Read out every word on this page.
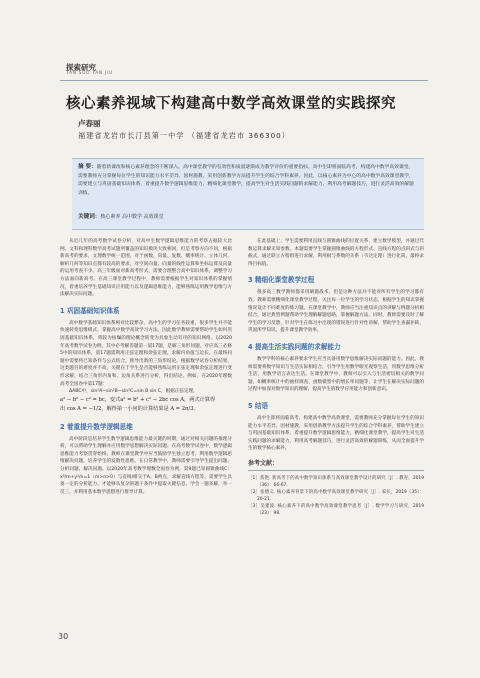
探索研究
TAN SUO YAN JIU
核心素养视域下构建高中数学高效课堂的实践探究
卢春丽
福建省龙岩市长汀县第一中学 （福建省龙岩市 366300）
摘 要：随着新课改和核心素养理念的不断深入，高中课堂教学的有效性和质量逐渐成为教学评价的重要指标。高中生即将面临高考，构建高中数学高效课堂，需要教师充分掌握每位学生的知识能力水平差异、因材施教、采用创新教学方法提升学生的综合学科素养。因此，以核心素养为中心的高中数学高效课堂教学，需要建立与巩固基础知识体系，着重提升数学逻辑思维能力，精细化课堂教学，提高学生对生活实践问题的求解能力，利用高考解题技巧，进行灵活高效的解题训练。
关键词：核心素养 高中数学 高效课堂

从近几年的高考数学试卷分析，对高中生数学逻辑思维能力的考察占据较大比例。文科和理科数学高考试题所覆盖的知识模块大致相同，但是考察方向不同，根据新高考的要求，文理数学统一范围，对于函数、向量、复数、概率统计、立体几何、解析几何等知识点都有较高的要求，对空间向量、向量的线性运算和坐标运算及向量的运用考查不少。高三年级面对新高考形式，需要合理整合高中知识体系，调整学习方法面向新高考。在高三课堂教学过程中，教师需要根据学生对知识体系的掌握情况，着重培养学生基础知识应用能力以及逻辑思维能力，能够熟练运用数学思维与方法解决实际问题。

1 巩固基础知识体系

高中数学基础知识体系相对比较繁杂，高中生的学习任务较重，很多学生并不能快速转变思维模式，掌握高中数学高效学习方法，因此数学教师需要帮助学生如何巩固基础知识体系，将较为枯燥的理论概念转变为具象生动有序的知识网络。以2020年高考数学试卷为例，其中必考解答题第一道17题，是解三角形问题，对应高三必修5中的知识体系，第17题需利用正弦定理和余弦定理，求解内角值与边长。在最终问题中需要将已知条件与公式结合，推导出新的三角形结论。根据数学试卷分析结果，这类题目的难度并不高，关键在于学生是否能够熟练运用正弦定理和余弦定理进行变形求解，结合三角形内角和、边角关系进行分析，得出结论。例如，在2020年理数高考全国卷中第17题：

ΔABC中，sin²A−sin²B−sin²C=sin B sin C，根据正弦定理，

a² − b² − c² = bc，变式a² = b² + c² − 2bc cos A，两式计算得
出 cos A = −1/2，解得第一小问的计算结果是 A = 2π/3。
2 着重提升数学逻辑思维

高中阶段是培养学生数学逻辑思维能力最关键的时期，通过对相关问题的推理分析，可以帮助学生理解并应用数学思想解决实际问题。在高考数学试卷中，数学逻辑思维能力考察贯穿始终。教师在课堂教学中应当鼓励学生独立思考，利用数学逻辑思维解决问题，培养学生的发散性思维。在日常教学中，教师需要引导学生提出问题、分析问题、解决问题。以2020年高考数学理数全国卷为例，第9题已知圆锥曲线C：x²/m+y²/n=1（m>n>0）与直线l相交于A、B两点，求解直线方程等，需要学生具备一定的分析能力，才能够从复杂的题干条件中提取关键信息，学会一题多解，举一反三，并利用基本数学思想进行推导计算。

在此基础上，学生需要利用直线与圆锥曲线的位置关系，建立数学模型，并通过代数运算求解未知参数。本题需要学生掌握圆锥曲线的方程形式、直线方程的点斜式与斜截式，通过联立方程组进行求解，利用根与系数的关系（韦达定理）进行化简，最终求得目标值。

3 精细化课堂教学过程

很多高三数学教师都采用刷题战术，但是这种方法并不能对所有学生的学习都有效。教师需要精细化课堂教学过程，关注每一位学生的学习状态，根据学生的知识掌握情况设计不同难度的练习题。在课堂教学中，教师应当注重知识点的讲解与例题分析相结合，通过典型例题帮助学生理解解题思路，掌握解题方法。同时，教师需要及时了解学生的学习反馈，针对学生在练习中出现的错误进行针对性讲解，帮助学生查漏补缺，巩固所学知识，提升课堂教学效率。

4 提高生活实践问题的求解能力

数学学科的核心素养要求学生应当具备用数学思维解决实际问题的能力。因此，教师需要将数学知识与生活实际相结合，引导学生用数学眼光观察生活，用数学思维分析生活，用数学语言表达生活。在课堂教学中，教师可以引入与生活密切相关的数学问题，如概率统计中的抽样调查、函数模型中的增长率问题等，让学生在解决实际问题的过程中加深对数学知识的理解，提高学生的数学应用能力和创新意识。

5 结语

高中生即将面临高考，构建高中数学高效课堂，需要教师充分掌握每位学生的知识能力水平差异，因材施教，采用创新教学方法提升学生的综合学科素养，帮助学生建立与巩固基础知识体系，着重提升数学逻辑思维能力，精细化课堂教学，提高学生对生活实践问题的求解能力，利用高考解题技巧，进行灵活高效的解题训练，从而全面提升学生的数学核心素养。

参考文献：

［1］焦艳. 新高考下的高中数学知识体系与高效课堂教学设计的研究［J］. 教育，2019（36）：66-67.

［2］张德义. 核心素养背景下的高中数学高效课堂教学研究［J］. 家长，2019（35）：20-21.

［3］吴建波. 核心素养下的高中数学高效课堂教学思考［J］. 数学学习与研究，2019（23）：98.

30
